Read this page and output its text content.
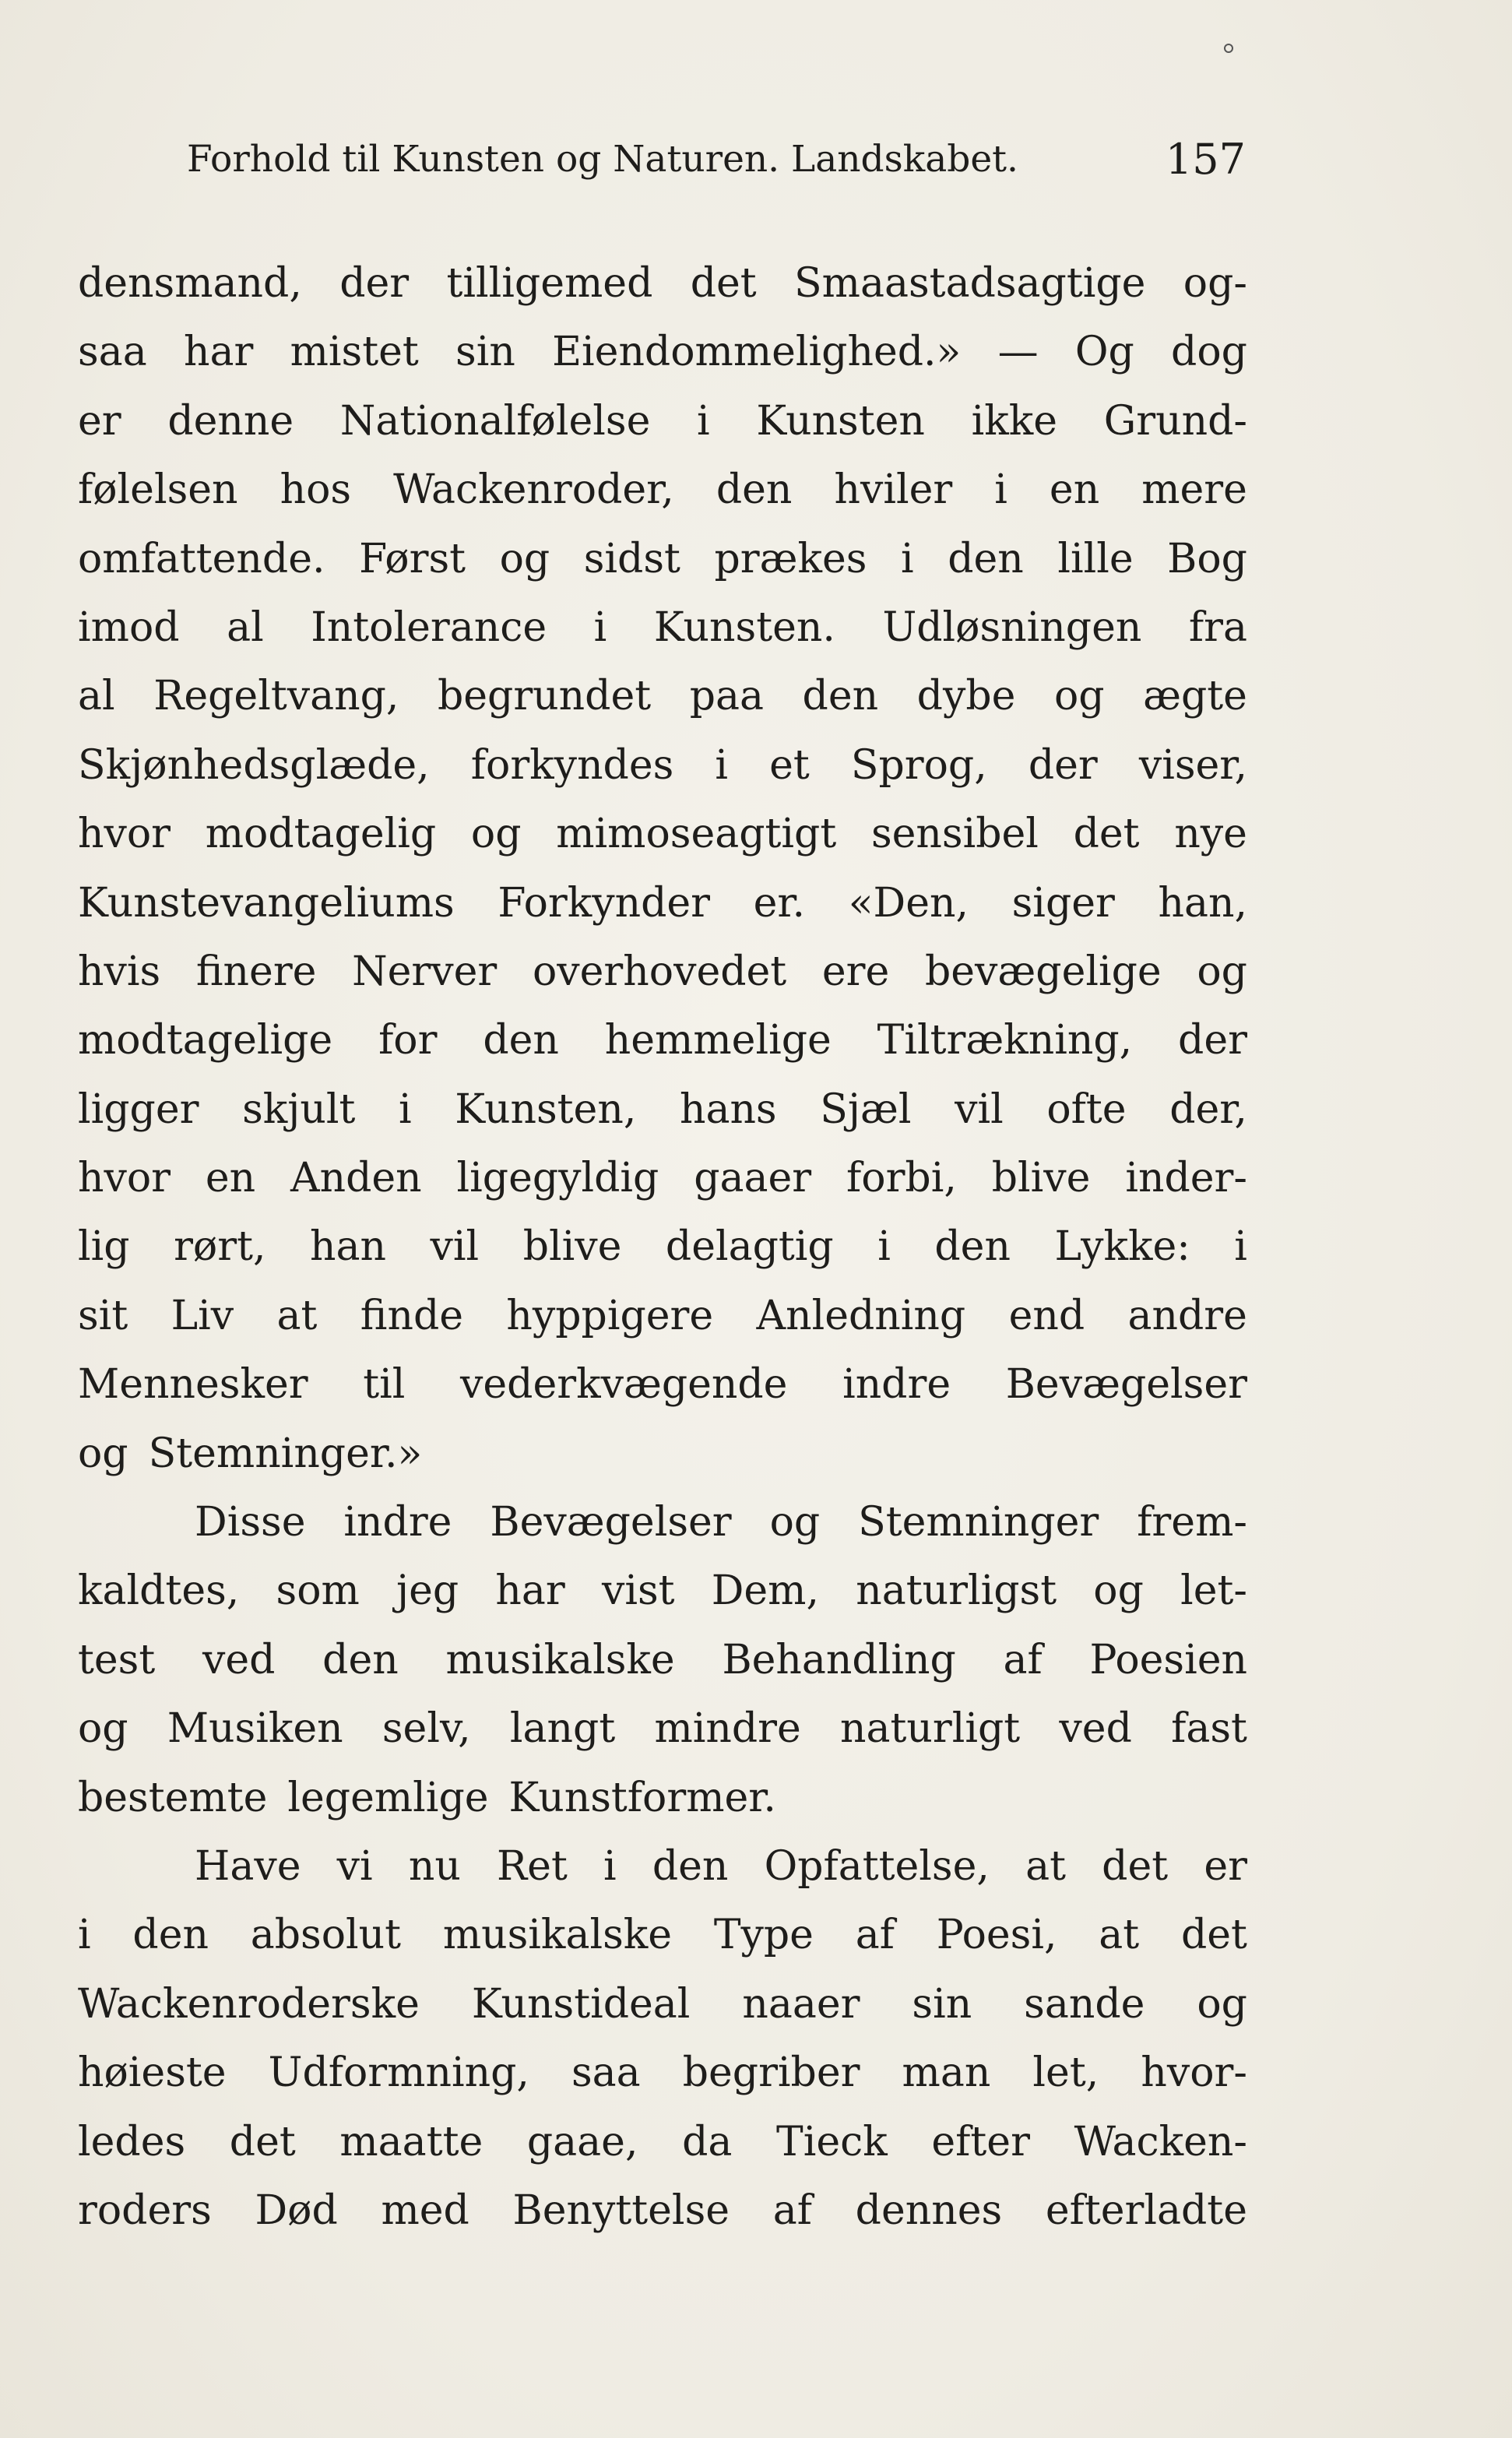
Forhold til Kunsten og Naturen. Landskabet.	157
densmand, der tilligemed det Smaastadsagtige og-
saa har mistet sin Eiendommelighed.» — Og dog
er denne Nationalfølelse i Kunsten ikke Grund-
følelsen hos Wackenroder, den hviler i en mere
omfattende. Først og sidst prækes i den lille Bog
imod al Intolerance i Kunsten. Udløsningen fra
al Regeltvang, begrundet paa den dybe og ægte
Skjønhedsglæde, forkyndes i et Sprog, der viser,
hvor modtagelig og mimoseagtigt sensibel det nye
Kunstevangeliums Forkynder er. «Den, siger han,
hvis finere Nerver overhovedet ere bevægelige og
modtagelige for den hemmelige Tiltrækning, der
ligger skjult i Kunsten, hans Sjæl vil ofte der,
hvor en Anden ligegyldig gaaer forbi, blive inder-
lig rørt, han vil blive delagtig i den Lykke: i
sit Liv at finde hyppigere Anledning end andre
Mennesker til vederkvægende indre Bevægelser
og Stemninger.»
Disse indre Bevægelser og Stemninger frem-
kaldtes, som jeg har vist Dem, naturligst og let-
test ved den musikalske Behandling af Poesien
og Musiken selv, langt mindre naturligt ved fast
bestemte legemlige Kunstformer.
Have vi nu Ret i den Opfattelse, at det er
i den absolut musikalske Type af Poesi, at det
Wackenroderske Kunstideal naaer sin sande og
høieste Udformning, saa begriber man let, hvor-
ledes det maatte gaae, da Tieck efter Wacken-
roders Død med Benyttelse af dennes efterladte
